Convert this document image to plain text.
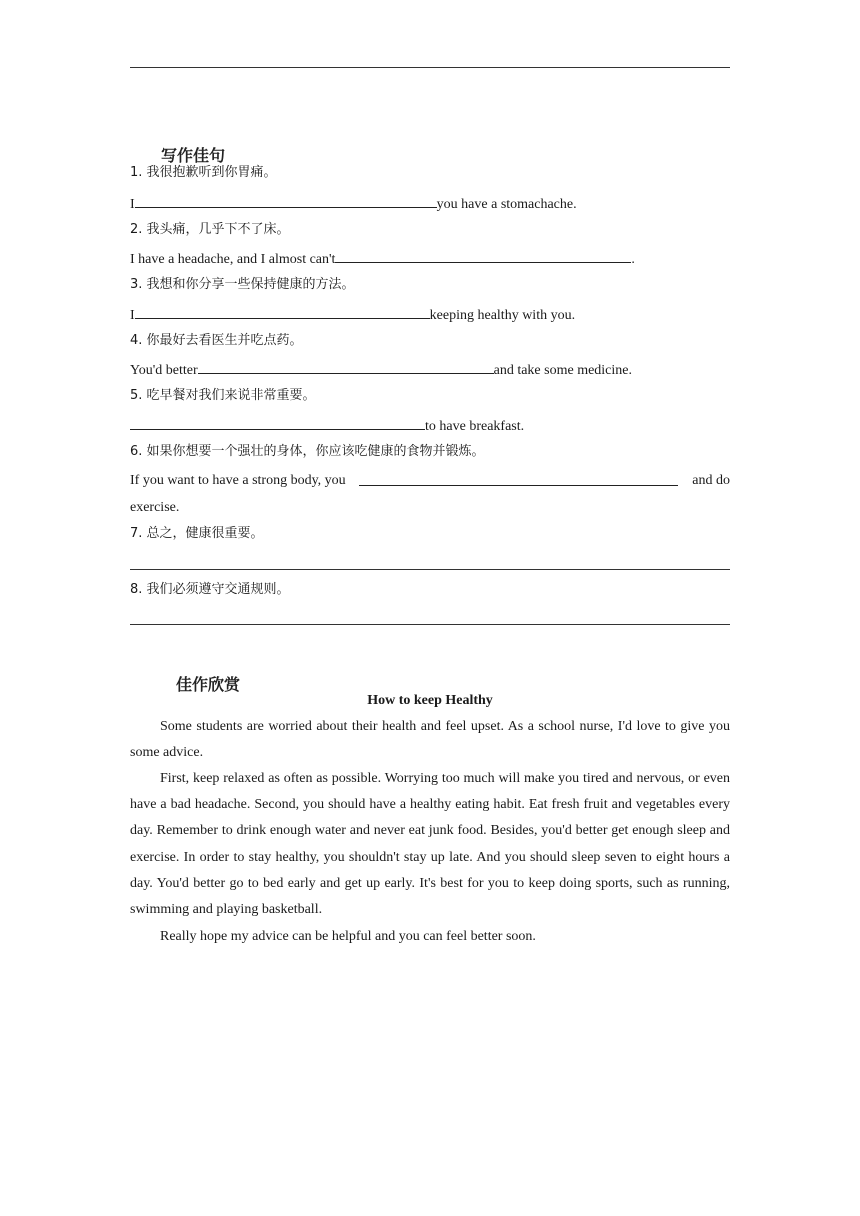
写作佳句
1. 我很抱歉听到你胃痛。
I	you have a stomachache.
2. 我头痛，几乎下不了床。
I have a headache, and I almost can't	.
3. 我想和你分享一些保持健康的方法。
I	keeping healthy with you.
4. 你最好去看医生并吃点药。
You'd better	and take some medicine.
5. 吃早餐对我们来说非常重要。
to have breakfast.
6. 如果你想要一个强壮的身体，你应该吃健康的食物并锻炼。
If you want to have a strong body, you	and do
exercise.
7. 总之，健康很重要。
8. 我们必须遵守交通规则。
佳作欣赏
How to keep Healthy

Some students are worried about their health and feel upset. As a school nurse, I'd love to give you some advice.

First, keep relaxed as often as possible. Worrying too much will make you tired and nervous, or even have a bad headache. Second, you should have a healthy eating habit. Eat fresh fruit and vegetables every day. Remember to drink enough water and never eat junk food. Besides, you'd better get enough sleep and exercise. In order to stay healthy, you shouldn't stay up late. And you should sleep seven to eight hours a day. You'd better go to bed early and get up early. It's best for you to keep doing sports, such as running, swimming and playing basketball.

Really hope my advice can be helpful and you can feel better soon.
